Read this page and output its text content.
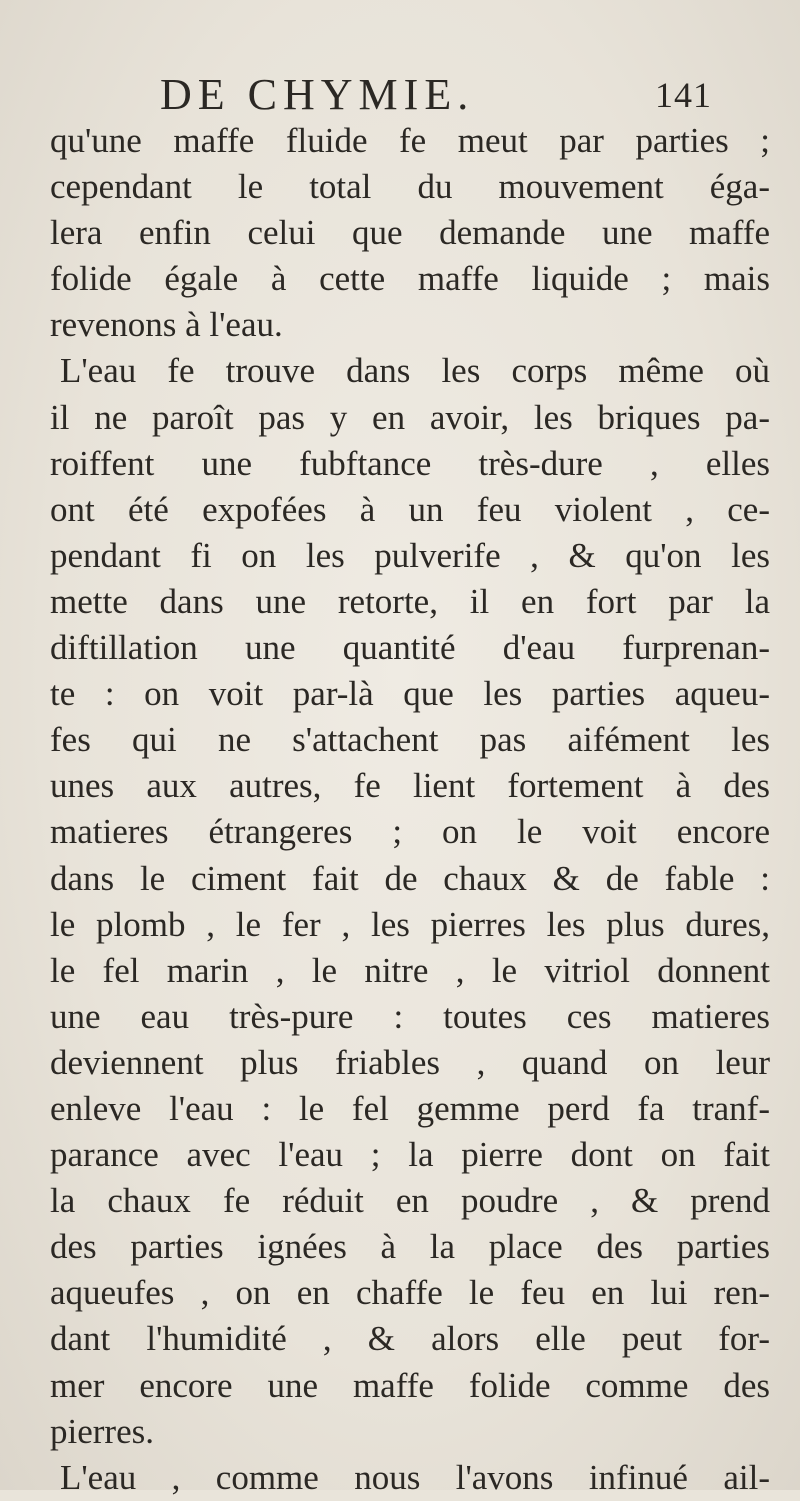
DE CHYMIE.	141
qu'une maffe fluide fe meut par parties ;
cependant le total du mouvement éga-
lera enfin celui que demande une maffe
folide égale à cette maffe liquide ; mais
revenons à l'eau.
L'eau fe trouve dans les corps même où
il ne paroît pas y en avoir, les briques pa-
roiffent une fubftance très-dure , elles
ont été expofées à un feu violent , ce-
pendant fi on les pulverife , & qu'on les
mette dans une retorte, il en fort par la
diftillation une quantité d'eau furprenan-
te : on voit par-là que les parties aqueu-
fes qui ne s'attachent pas aifément les
unes aux autres, fe lient fortement à des
matieres étrangeres ; on le voit encore
dans le ciment fait de chaux & de fable :
le plomb , le fer , les pierres les plus dures,
le fel marin , le nitre , le vitriol donnent
une eau très-pure : toutes ces matieres
deviennent plus friables , quand on leur
enleve l'eau : le fel gemme perd fa tranf-
parance avec l'eau ; la pierre dont on fait
la chaux fe réduit en poudre , & prend
des parties ignées à la place des parties
aqueufes , on en chaffe le feu en lui ren-
dant l'humidité , & alors elle peut for-
mer encore une maffe folide comme des
pierres.
L'eau , comme nous l'avons infinué ail-
